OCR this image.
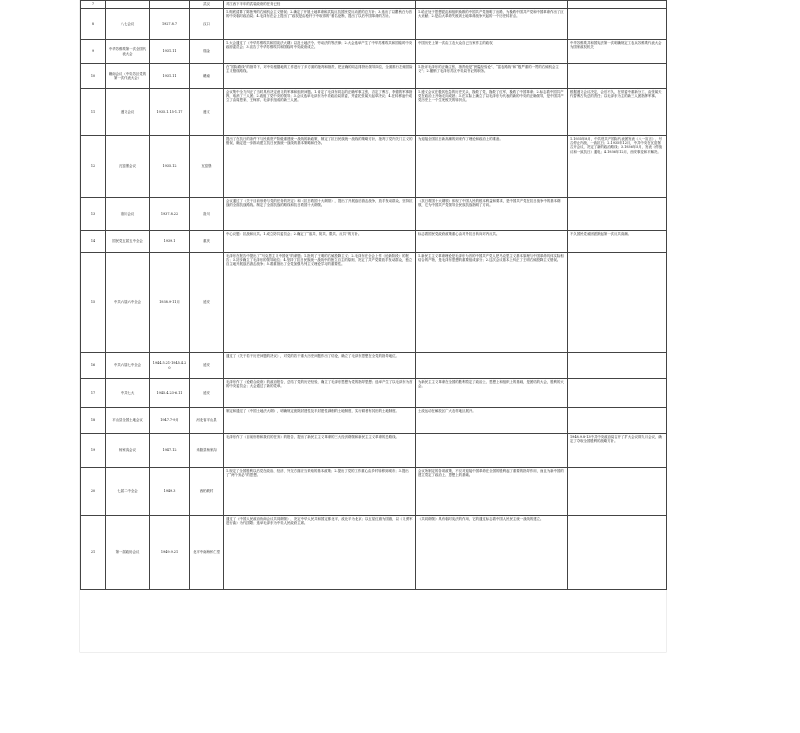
7			武汉	对江西下半年的武装政府的任务已经		
8	八七会议	1927.8.7	汉口	1.彻底清算了陈独秀的右倾机会主义错误；2.确定了开展土地革命和武装反抗国民党反动派的总方针；3.选出了以瞿秋白为首的中央临时政治局；4.毛泽东在会上提出了“政权是由枪杆子中取得的”著名论断，提出了以后中国革命的方针。	1.给正处于思想混乱和组织涣散的中国共产党指明了出路，为挽救中国共产党和中国革命作出了巨大贡献；2.是由大革命失败到土地革命战争兴起的一个历史转折点。	
9	中华苏维埃第一次全国代表大会	1931.11	瑞金	1.大会通过了《中华苏维埃共和国宪法大纲》以及土地法令、劳动法的等法律；2.大会选举产生了中华苏维埃共和国临时中央政府委员会；3.宣告了中华苏维埃共和国临时中央政府成立。	中国历史上第一次由工农大众自己当家作主的政权	中华苏维埃共和国宪法第一次明确规定工农兵苏维埃代表大会为国家政权机关
10	赣南会议（中央苏区党的第一次代表大会）	1931.11	赣南	在“国际路线”的指导下，对中央根据地的工作进行了多方面的批判和指责，把正确的同志排挤出领导岗位，全面推行左倾冒险主义错误路线。	1.批评毛泽东的正确主张，指责他是“狭隘经验论”、“富农路线”和“极严重的一贯的右倾机会主义”；2.撤销了毛泽东苏区中央局书记的职务。	
11	遵义会议	1935.1.15-1.17	遵义	会议集中全力纠正了当时具有决定意义的军事和组织问题。1.肯定了毛泽东同志的正确军事主张，否定了博古、李德的军事指挥，取消了三人团；2.改组了党中央的领导；3.会议选举毛泽东为中央政治局常委，并委托张闻天起草决议；4.在转移途中成立了由周恩来、王稼祥、毛泽东组成的新三人团。	1.遵义会议在极其危急的历史关头，挽救了党，挽救了红军，挽救了中国革命；2.标志着中国共产党在政治上开始走向成熟；3.在实际上确立了以毛泽东为代表的新的中央的正确领导，是中国共产党历史上一个生死攸关的转折点。	根据遵义会议决定，会后不久，在常委中重新分工，由张闻天代替博古负总的责任；以毛泽东为主的新三人团指挥军事。
12	瓦窑堡会议	1935.12	瓦窑堡	提出了在抗日的条件下与民族资产阶级重建统一战线的新政策，制定了抗日民族统一战线的策略方针，批判了党内关门主义的错误，确定进一步推动建立抗日民族统一战线的基本策略和任务。	为迎接全国抗日新高潮的到来作了理论和政治上的准备。	1.1935年8月，中共驻共产国际代表团发表《八一宣言》，号召停止内战，一致抗日；2.1935年12月，中共中央在瓦窑堡召开会议，决定了新的政治路线；3.1936年5月，发表《停战议和一致抗日》通电；4.1936年12月，西安事变和平解决。
13	洛川会议	1937.8.22	洛川	会议通过了《关于目前形势与党的任务的决定》和《抗日救国十大纲领》，提出了开展敌后游击战争，放手发动群众，坚持抗战的全面抗战路线。制定了全面抗战的路线和抗日救国十大纲领。	《抗日救国十大纲领》体现了中国人民的根本利益和要求，是中国共产党在抗日战争中的基本纲领，它为中国共产党领导全民族抗战指明了方向。	
14	国民党五届五中全会	1939.1	重庆	中心议题：抗战和反共。1.成立防共委员会；2.确定了“溶共、防共、限共、反共”的方针。	标志着国民党政府政策重心由对外抗日转向对内反共。	不久国民党顽固派掀起第一次反共高潮。
15	中共六届六中全会	1938.9-11月	延安	毛泽东在报告中提出了“马克思主义中国化”的命题；1.批判了王明的右倾投降主义；2.毛泽东在全会上作《论新阶段》的报告；3.初步确立了毛泽东的领导地位；4.坚持了抗日民族统一战线中的独立自主的原则，决定了共产党要放手发动群众，独立自主地开展敌后游击战争；5.着重指出了全党加强马列主义理论学习的重要性。	1.新民主主义革命理论是毛泽东为首的中国共产党人把马克思主义基本原理与中国革命具体实际相结合的产物，是毛泽东思想的重要组成部分；2.这次会议基本上纠正了王明右倾投降主义错误。	
16	中共六届七中全会	1944.5.21-1945.4.20	延安	通过了《关于若干历史问题的决议》，对党的若干重大历史问题作出了结论，确立了毛泽东思想在全党的指导地位。		
17	中共七大	1945.4.23-6.11	延安	毛泽东作了《论联合政府》的政治报告，总结了党的历史经验，确立了毛泽东思想为党的指导思想；选举产生了以毛泽东为首的中央委员会；大会通过了新的党章。	为新民主主义革命在全国的胜利奠定了政治上、思想上和组织上的基础，是团结的大会，胜利的大会。	
18	平山县全国土地会议	1947.7-9月	河北省平山县	制定和通过了《中国土地法大纲》，明确规定废除封建性及半封建性剥削的土地制度，实行耕者有其田的土地制度。	土改运动在解放区广大农村地区展开。	
19	杨家沟会议	1947.12	米脂县杨家沟	毛泽东作了《目前形势和我们的任务》的报告，提出了新民主主义革命的三大经济纲领和新民主主义革命的总路线。		1948.9.8-13中共中央政治局召开了扩大会议即九月会议，确定了夺取全国胜利的战略方针。
20	七届二中全会	1949.3	西柏坡村	1.规定了全国胜利以后党在政治、经济、外交方面应当采取的基本政策；2.提出了党的工作重心由乡村转移到城市；3.提出了“两个务必”的思想。	会议所制定的各项政策，不仅对迎接中国革命在全国的胜利起了重要的指导作用，而且为新中国的建立奠定了政治上、思想上的基础。	
21	第一届政协会议	1949.9.21	北平中南海怀仁堂	通过了《中国人民政治协商会议共同纲领》，决定中华人民共和国定都北平，改北平为北京；以五星红旗为国旗，以《义勇军进行曲》为代国歌；选举毛泽东为中央人民政府主席。	《共同纲领》具有临时宪法的作用，它的通过标志着中国人民民主统一战线的建立。	
